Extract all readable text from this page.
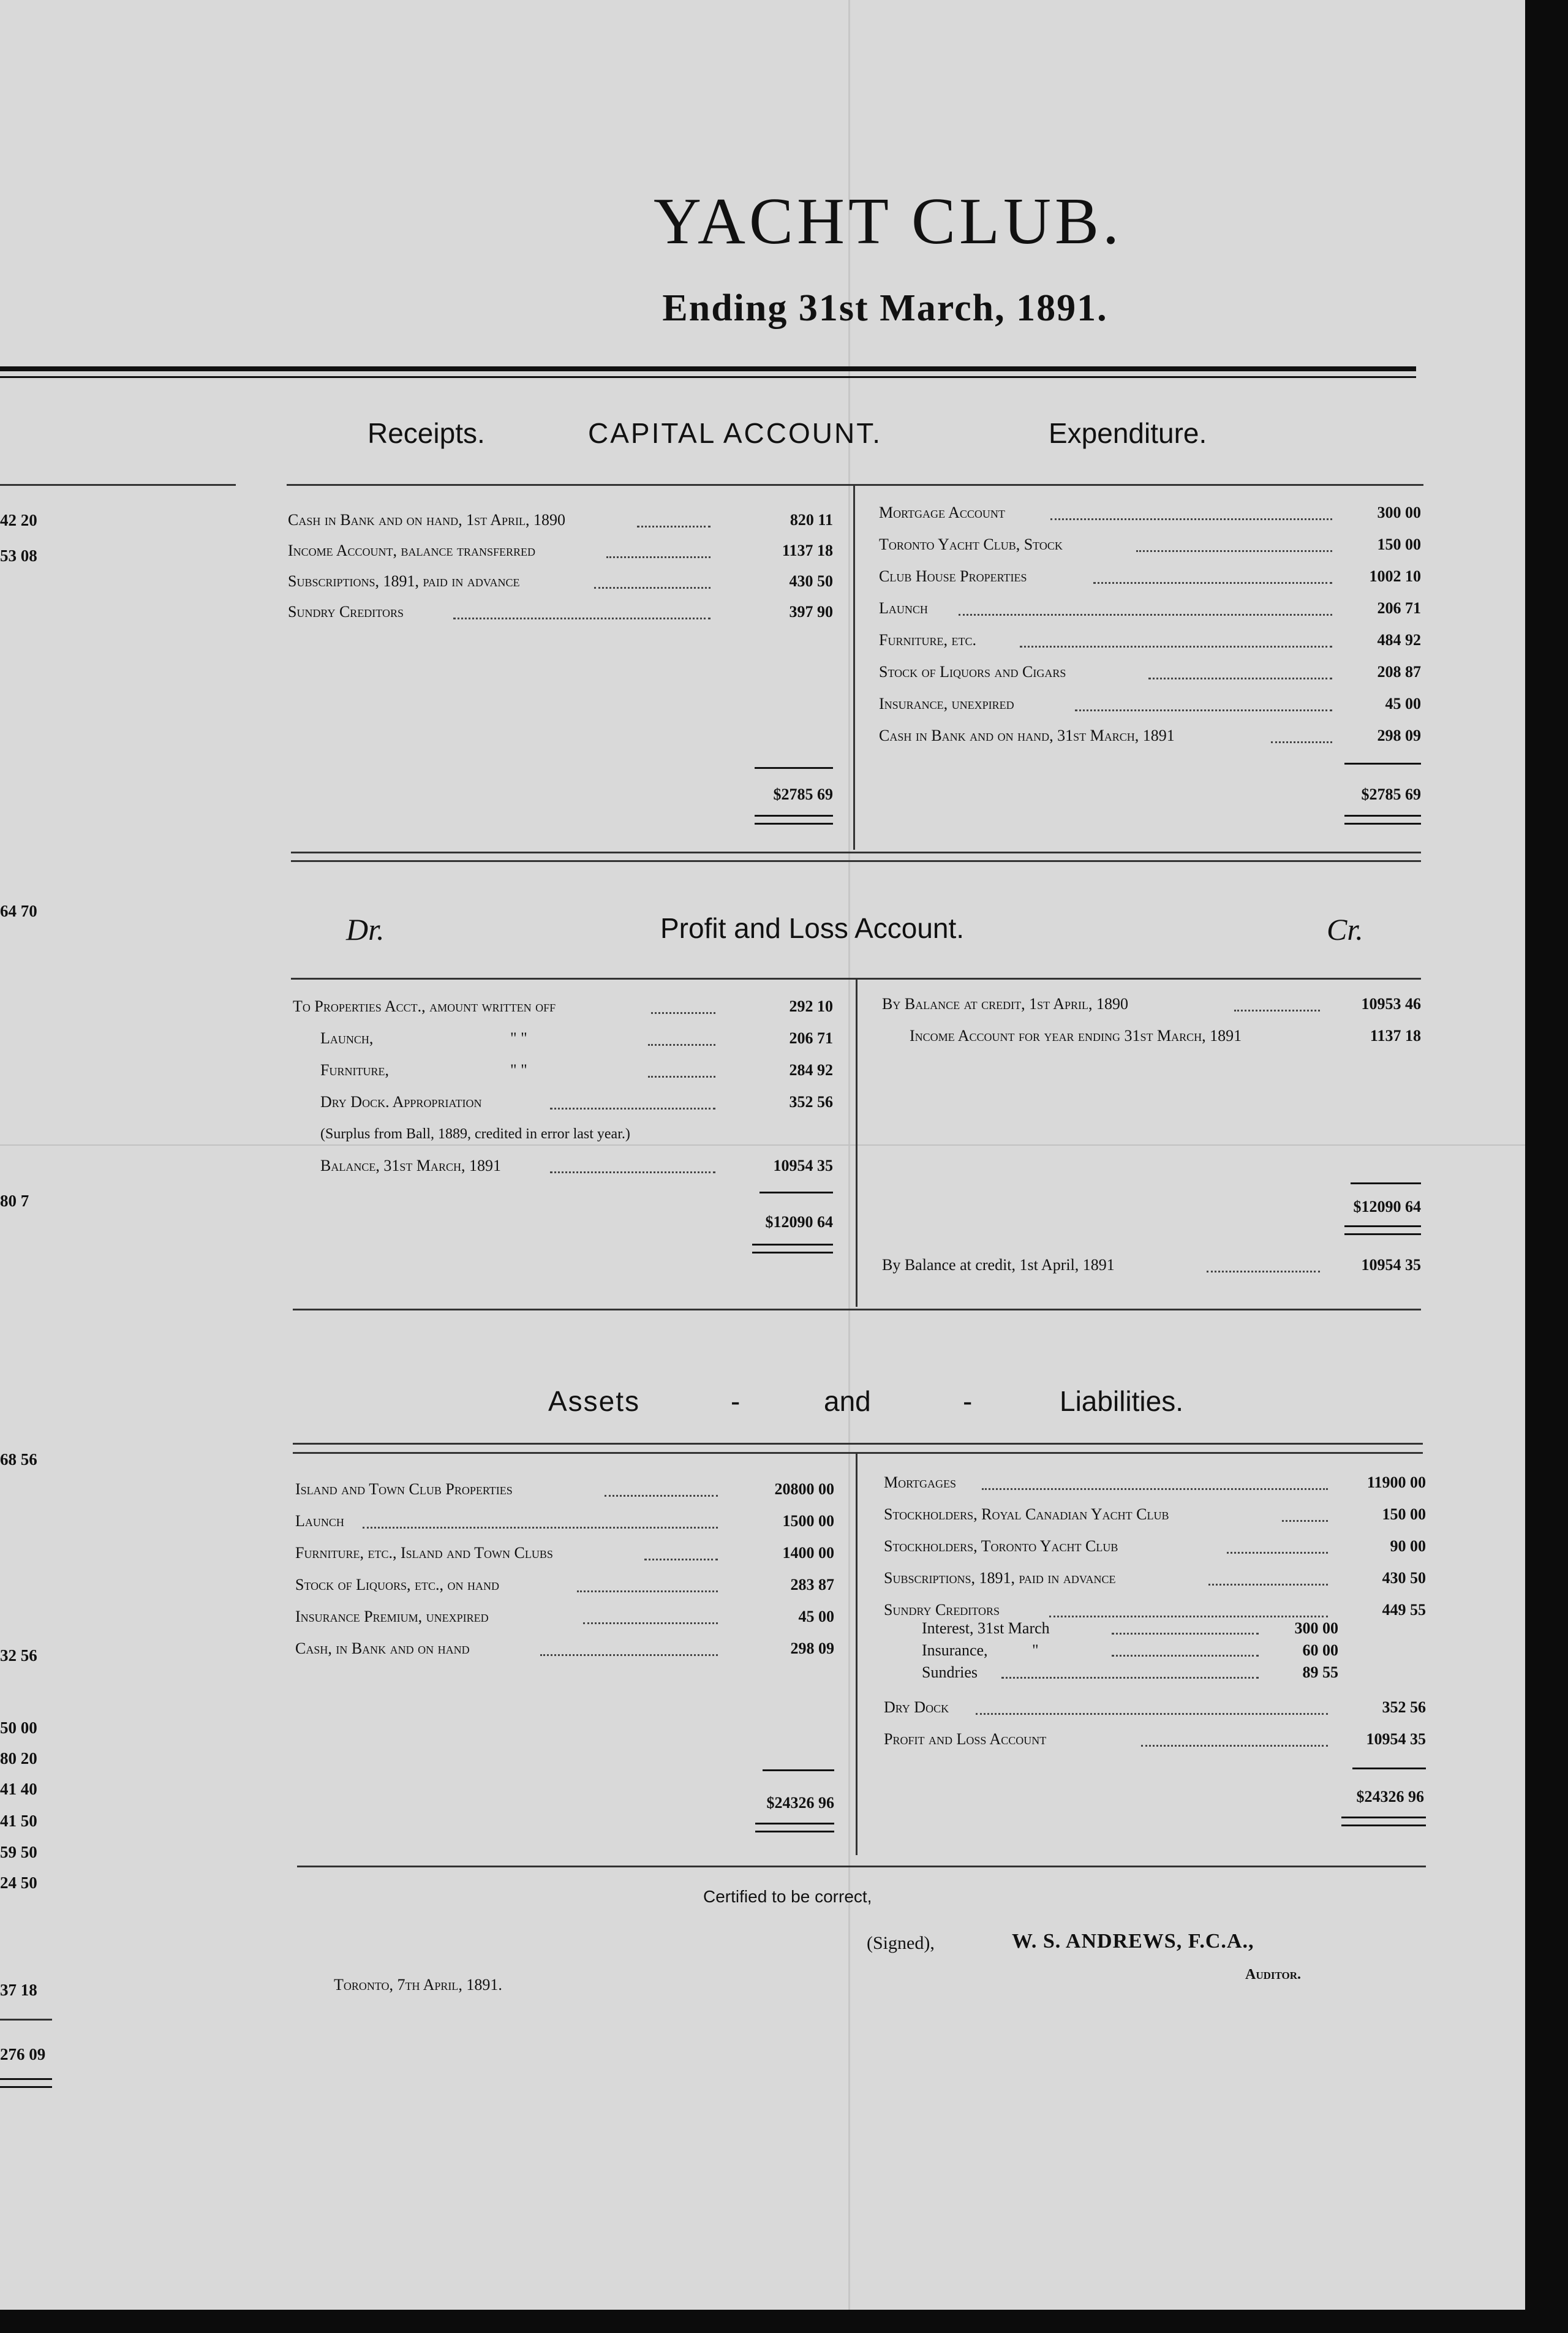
42 20
53 08
64 70
80 7
68 56
32 56
50 00
80 20
41 40
41 50
59 50
24 50
37 18
276 09
YACHT CLUB.
Ending 31st March, 1891.
Receipts.	CAPITAL ACCOUNT.	Expenditure.
Cash in Bank and on hand, 1st April, 1890	820 11
Income Account, balance transferred	1137 18
Subscriptions, 1891, paid in advance	430 50
Sundry Creditors	397 90
$2785 69
Mortgage Account	300 00
Toronto Yacht Club, Stock	150 00
Club House Properties	1002 10
Launch	206 71
Furniture, etc.	484 92
Stock of Liquors and Cigars	208 87
Insurance, unexpired	45 00
Cash in Bank and on hand, 31st March, 1891	298 09
$2785 69
Dr.	Profit and Loss Account.	Cr.
To Properties Acct., amount written off	292 10
Launch,	" "	206 71
Furniture,	" "	284 92
Dry Dock. Appropriation	352 56
(Surplus from Ball, 1889, credited in error last year.)
Balance, 31st March, 1891	10954 35
$12090 64
By Balance at credit, 1st April, 1890	10953 46
Income Account for year ending 31st March, 1891	1137 18
$12090 64
By Balance at credit, 1st April, 1891	10954 35
Assets	-	and	-	Liabilities.
Island and Town Club Properties	20800 00
Launch	1500 00
Furniture, etc., Island and Town Clubs	1400 00
Stock of Liquors, etc., on hand	283 87
Insurance Premium, unexpired	45 00
Cash, in Bank and on hand	298 09
$24326 96
Mortgages	11900 00
Stockholders, Royal Canadian Yacht Club	150 00
Stockholders, Toronto Yacht Club	90 00
Subscriptions, 1891, paid in advance	430 50
Sundry Creditors	449 55
Interest, 31st March	300 00
Insurance,	"	60 00
Sundries	89 55
Dry Dock	352 56
Profit and Loss Account	10954 35
$24326 96
Certified to be correct,
(Signed),	W. S. ANDREWS, F.C.A.,
Auditor.
Toronto, 7th April, 1891.
